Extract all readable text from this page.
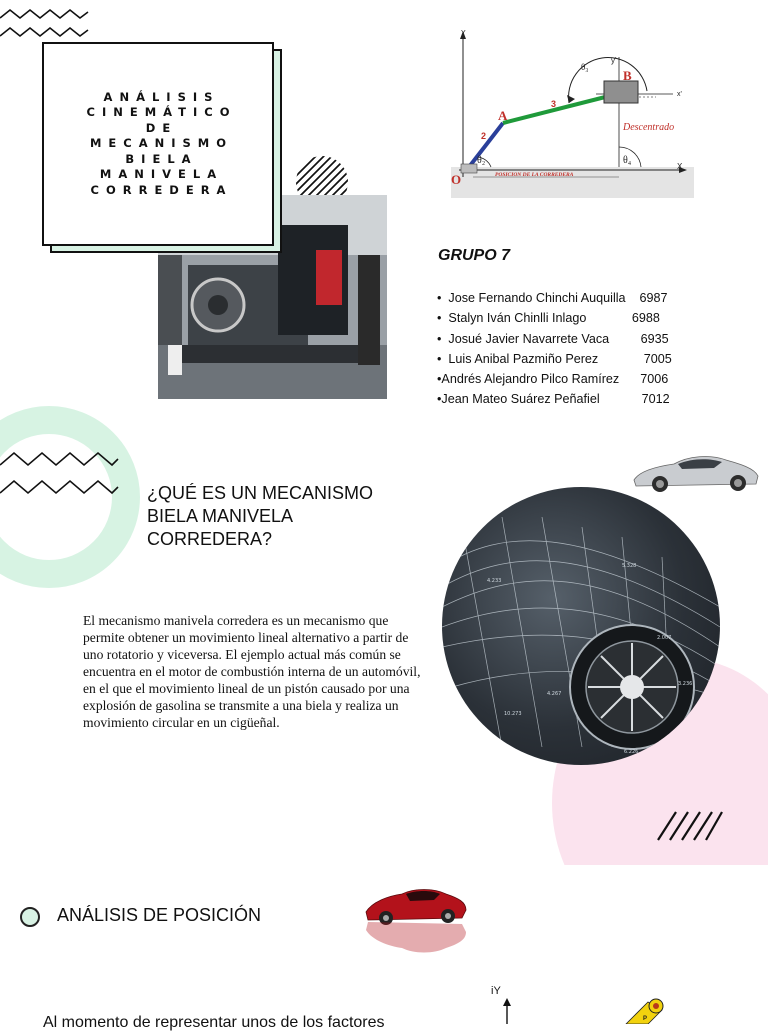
ANÁLISIS
CINEMÁTICO
DE
MECANISMO
BIELA
MANIVELA
CORREDERA
Y
y'
x'
X
O
A
B
θ₃
θ₂	θ₄
2
3
Descentrado
POSICION DE LA CORREDERA
GRUPO 7
•  Jose Fernando Chinchi Auquilla    6987
•  Stalyn Iván Chinlli Inlago             6988
•  Josué Javier Navarrete Vaca         6935
•  Luis Anibal Pazmiño Perez             7005
•Andrés Alejandro Pilco Ramírez      7006
•Jean Mateo Suárez Peñafiel            7012
¿QUÉ ES UN MECANISMO
BIELA MANIVELA
CORREDERA?
4.233
5.328
2.007
4.267
10.273
3.236
6.226
El mecanismo manivela corredera es un mecanismo que permite obtener un movimiento lineal alternativo a partir de uno rotatorio y viceversa. El ejemplo actual más común se encuentra en el motor de combustión interna de un automóvil, en el que el movimiento lineal de un pistón causado por una explosión de gasolina se transmite a una biela y realiza un movimiento circular en un cigüeñal.
ANÁLISIS DE POSICIÓN
Al momento de representar unos de los factores
iY
P
